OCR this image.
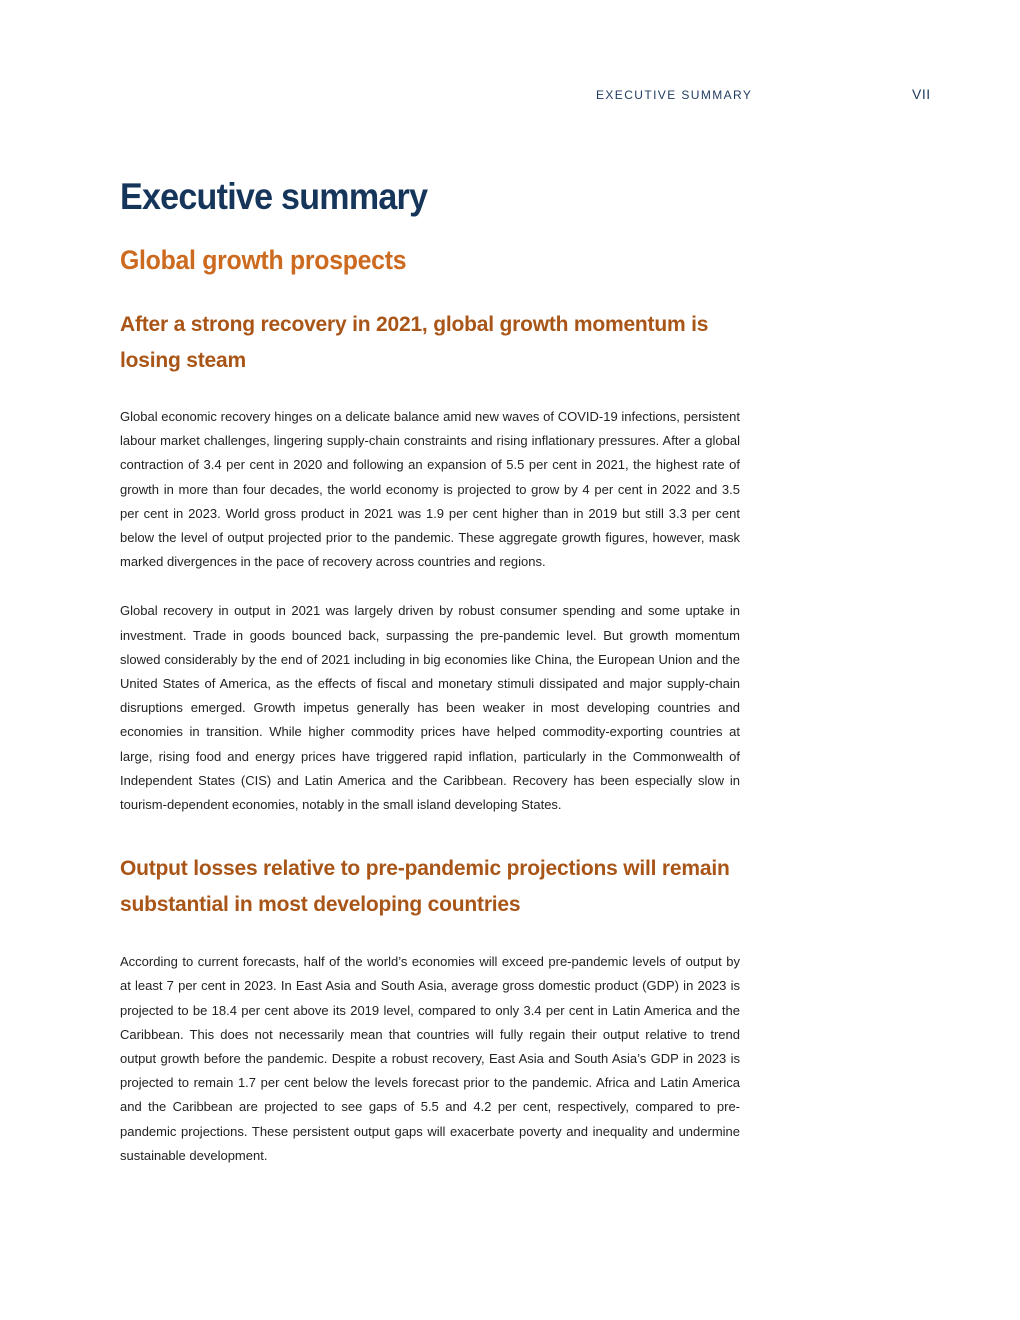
EXECUTIVE SUMMARY	VII
Executive summary
Global growth prospects
After a strong recovery in 2021, global growth momentum is losing steam

Global economic recovery hinges on a delicate balance amid new waves of COVID-19 infections, persistent labour market challenges, lingering supply-chain constraints and rising inflationary pressures. After a global contraction of 3.4 per cent in 2020 and following an expansion of 5.5 per cent in 2021, the highest rate of growth in more than four decades, the world economy is projected to grow by 4 per cent in 2022 and 3.5 per cent in 2023. World gross product in 2021 was 1.9 per cent higher than in 2019 but still 3.3 per cent below the level of output projected prior to the pandemic. These aggregate growth figures, however, mask marked divergences in the pace of recovery across countries and regions.

Global recovery in output in 2021 was largely driven by robust consumer spending and some uptake in investment. Trade in goods bounced back, surpassing the pre-pandemic level. But growth momentum slowed considerably by the end of 2021 including in big economies like China, the European Union and the United States of America, as the effects of fiscal and monetary stimuli dissipated and major supply-chain disruptions emerged. Growth impetus generally has been weaker in most developing countries and economies in transition. While higher commodity prices have helped commodity-exporting countries at large, rising food and energy prices have triggered rapid inflation, particularly in the Commonwealth of Independent States (CIS) and Latin America and the Caribbean. Recovery has been especially slow in tourism-dependent economies, notably in the small island developing States.

Output losses relative to pre-pandemic projections will remain substantial in most developing countries

According to current forecasts, half of the world’s economies will exceed pre-pandemic levels of output by at least 7 per cent in 2023. In East Asia and South Asia, average gross domestic product (GDP) in 2023 is projected to be 18.4 per cent above its 2019 level, compared to only 3.4 per cent in Latin America and the Caribbean. This does not necessarily mean that countries will fully regain their output relative to trend output growth before the pandemic. Despite a robust recovery, East Asia and South Asia’s GDP in 2023 is projected to remain 1.7 per cent below the levels forecast prior to the pandemic. Africa and Latin America and the Caribbean are projected to see gaps of 5.5 and 4.2 per cent, respectively, compared to pre-pandemic projections. These persistent output gaps will exacerbate poverty and inequality and undermine sustainable development.
